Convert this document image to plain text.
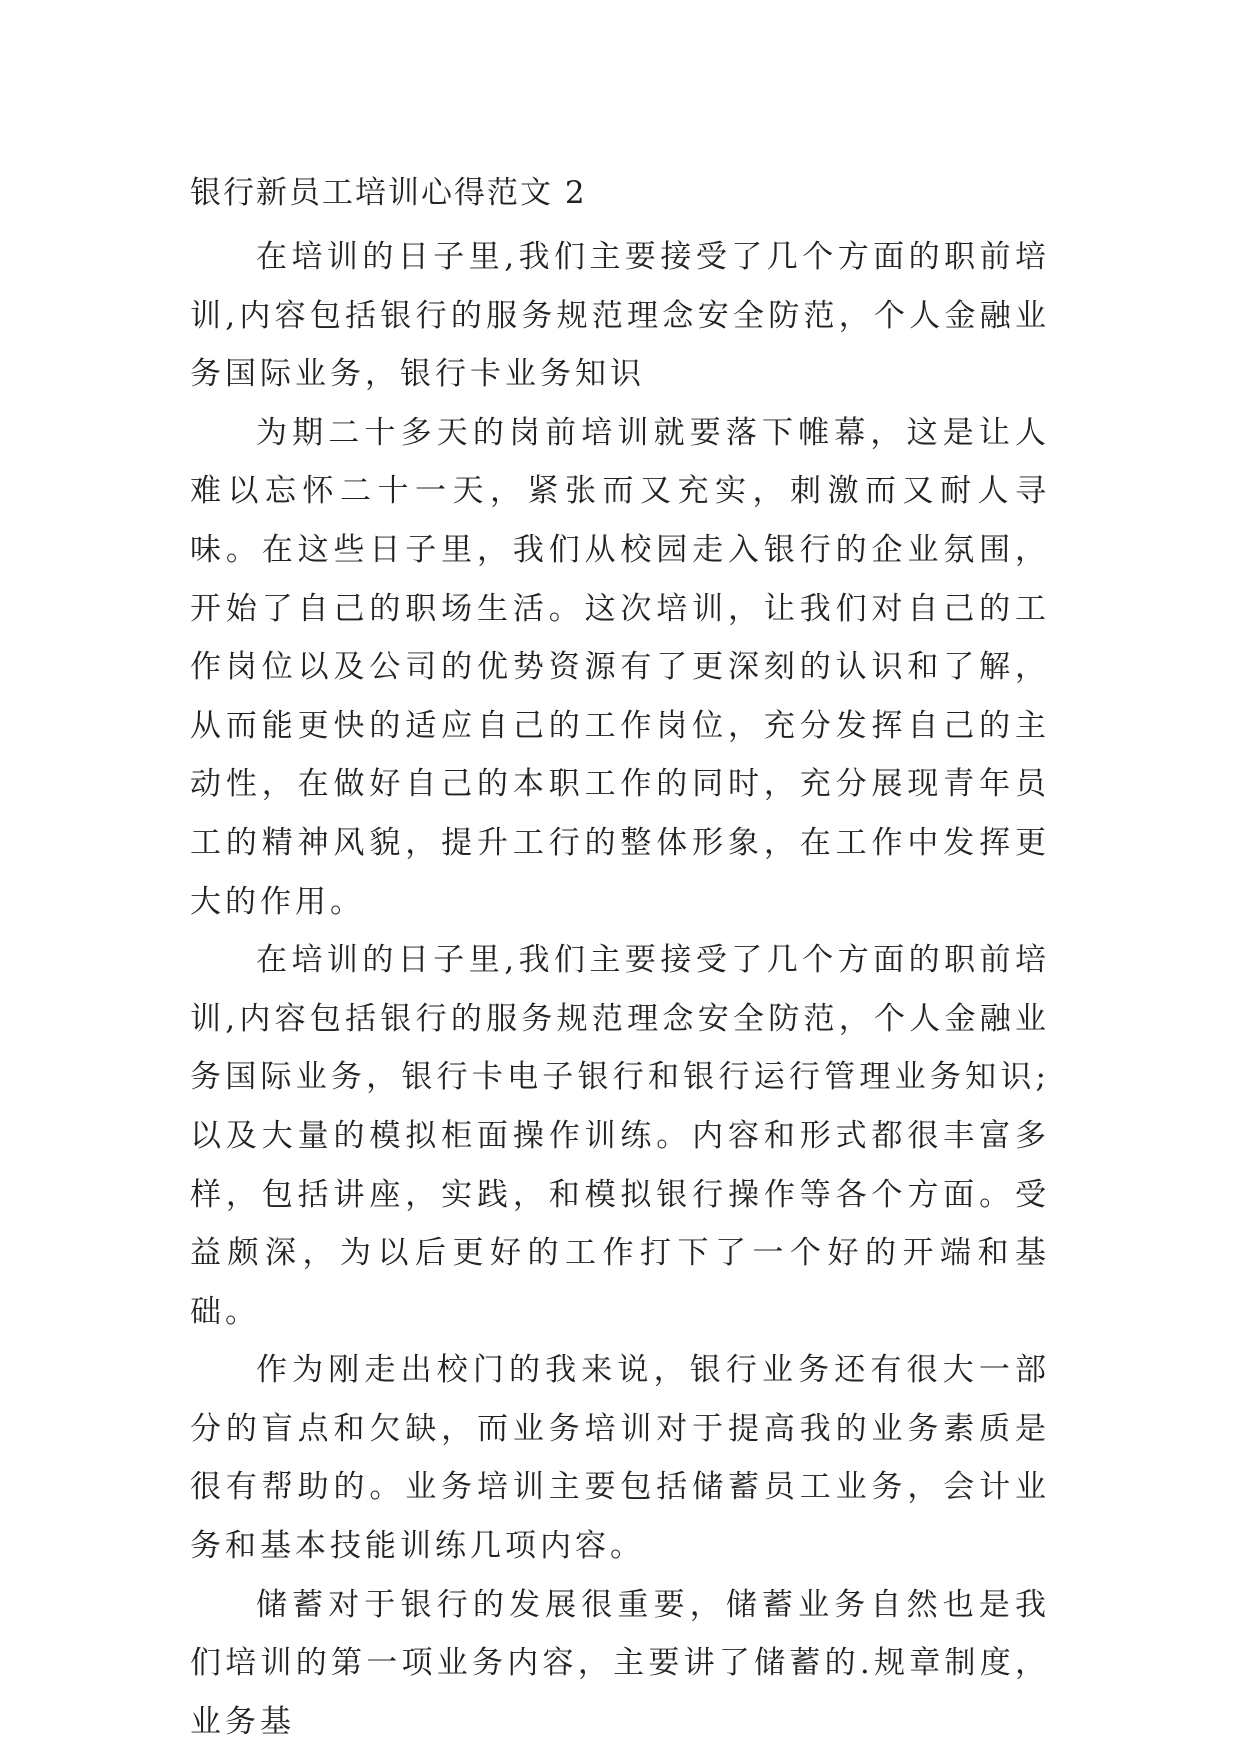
银行新员工培训心得范文 2

在培训的日子里,我们主要接受了几个方面的职前培训,内容包括银行的服务规范理念安全防范，个人金融业务国际业务，银行卡业务知识

为期二十多天的岗前培训就要落下帷幕，这是让人难以忘怀二十一天，紧张而又充实，刺激而又耐人寻味。在这些日子里，我们从校园走入银行的企业氛围，开始了自己的职场生活。这次培训，让我们对自己的工作岗位以及公司的优势资源有了更深刻的认识和了解，从而能更快的适应自己的工作岗位，充分发挥自己的主动性，在做好自己的本职工作的同时，充分展现青年员工的精神风貌，提升工行的整体形象，在工作中发挥更大的作用。

在培训的日子里,我们主要接受了几个方面的职前培训,内容包括银行的服务规范理念安全防范，个人金融业务国际业务，银行卡电子银行和银行运行管理业务知识;以及大量的模拟柜面操作训练。内容和形式都很丰富多样，包括讲座，实践，和模拟银行操作等各个方面。受益颇深，为以后更好的工作打下了一个好的开端和基础。

作为刚走出校门的我来说，银行业务还有很大一部分的盲点和欠缺，而业务培训对于提高我的业务素质是很有帮助的。业务培训主要包括储蓄员工业务，会计业务和基本技能训练几项内容。

储蓄对于银行的发展很重要，储蓄业务自然也是我们培训的第一项业务内容，主要讲了储蓄的.规章制度，业务基
